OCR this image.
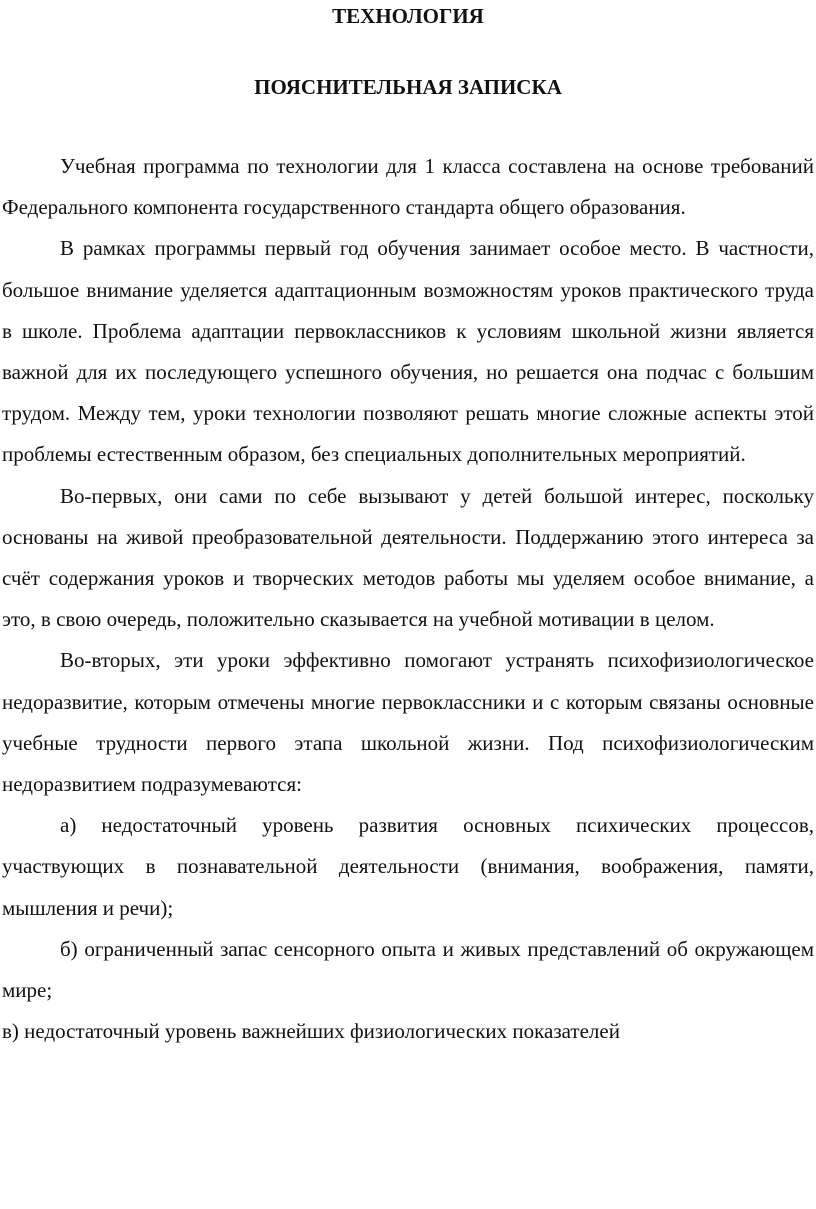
ТЕХНОЛОГИЯ
ПОЯСНИТЕЛЬНАЯ ЗАПИСКА

Учебная программа по технологии для 1 класса составлена на основе требований Федерального компонента государственного стандарта общего образования.

В рамках программы первый год обучения занимает особое место. В частности, большое внимание уделяется адаптационным возможностям уроков практического труда в школе. Проблема адаптации первоклассников к условиям школьной жизни является важной для их последующего успешного обучения, но решается она подчас с большим трудом. Между тем, уроки технологии позволяют решать многие сложные аспекты этой проблемы естественным образом, без специальных дополнительных мероприятий.

Во-первых, они сами по себе вызывают у детей большой интерес, поскольку основаны на живой преобразовательной деятельности. Поддержанию этого интереса за счёт содержания уроков и творческих методов работы мы уделяем особое внимание, а это, в свою очередь, положительно сказывается на учебной мотивации в целом.

Во-вторых, эти уроки эффективно помогают устранять психофизиологическое недоразвитие, которым отмечены многие первоклассники и с которым связаны основные учебные трудности первого этапа школьной жизни. Под психофизиологическим недоразвитием подразумеваются:

а) недостаточный уровень развития основных психических процессов, участвующих в познавательной деятельности (внимания, воображения, памяти, мышления и речи);

б) ограниченный запас сенсорного опыта и живых представлений об окружающем мире;

в) недостаточный уровень важнейших физиологических показателей
